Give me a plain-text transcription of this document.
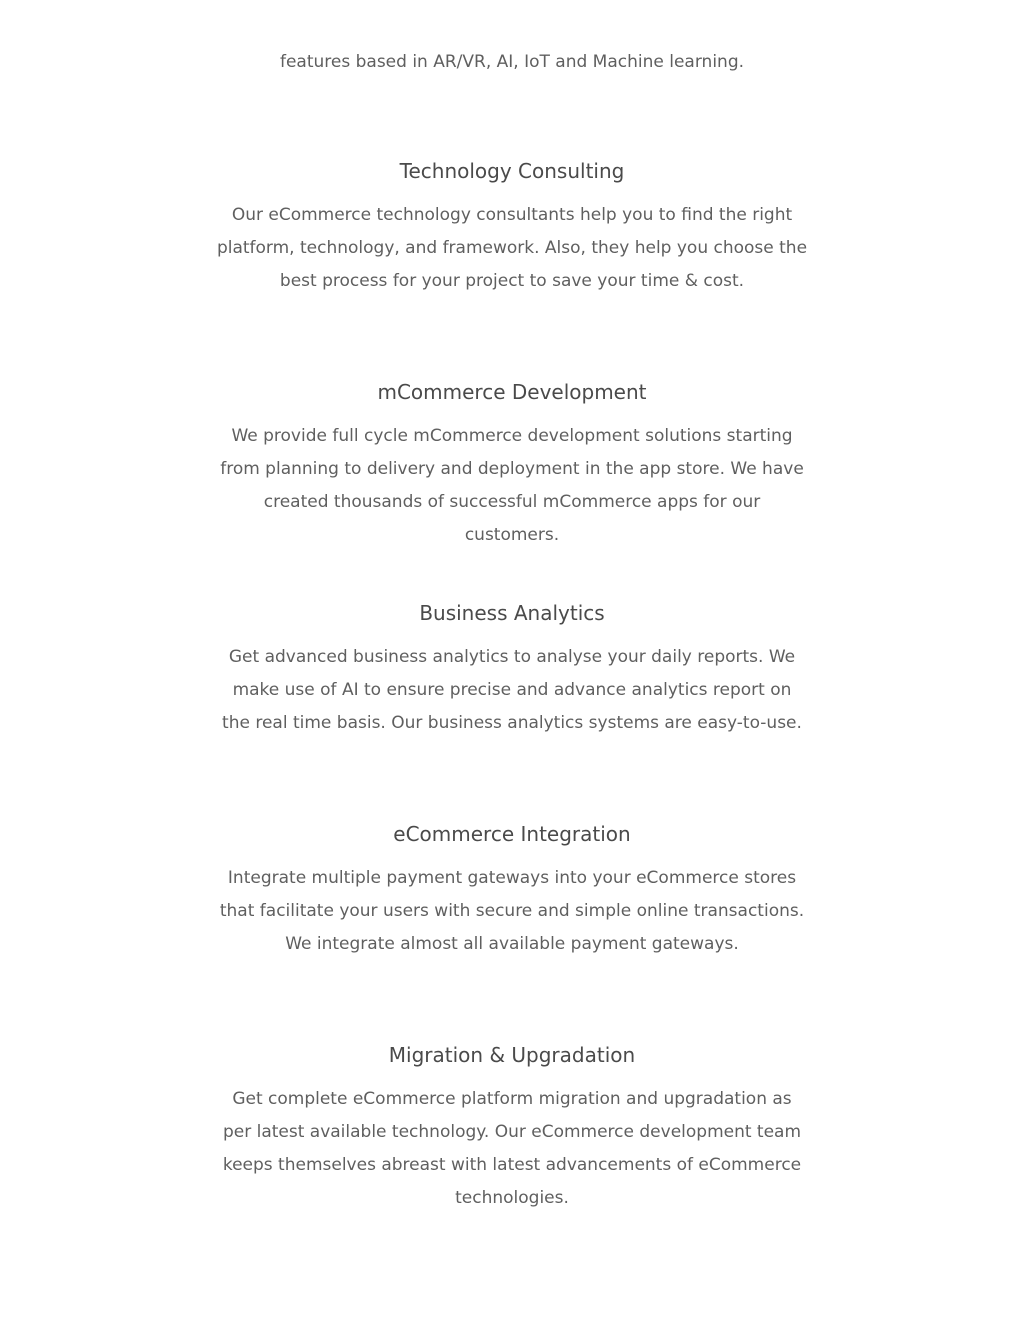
features based in AR/VR, AI, IoT and Machine learning.

Technology Consulting

Our eCommerce technology consultants help you to find the right platform, technology, and framework. Also, they help you choose the best process for your project to save your time & cost.

mCommerce Development

We provide full cycle mCommerce development solutions starting from planning to delivery and deployment in the app store. We have created thousands of successful mCommerce apps for our customers.

Business Analytics

Get advanced business analytics to analyse your daily reports. We make use of AI to ensure precise and advance analytics report on the real time basis. Our business analytics systems are easy-to-use.

eCommerce Integration

Integrate multiple payment gateways into your eCommerce stores that facilitate your users with secure and simple online transactions. We integrate almost all available payment gateways.

Migration & Upgradation

Get complete eCommerce platform migration and upgradation as per latest available technology. Our eCommerce development team keeps themselves abreast with latest advancements of eCommerce technologies.
